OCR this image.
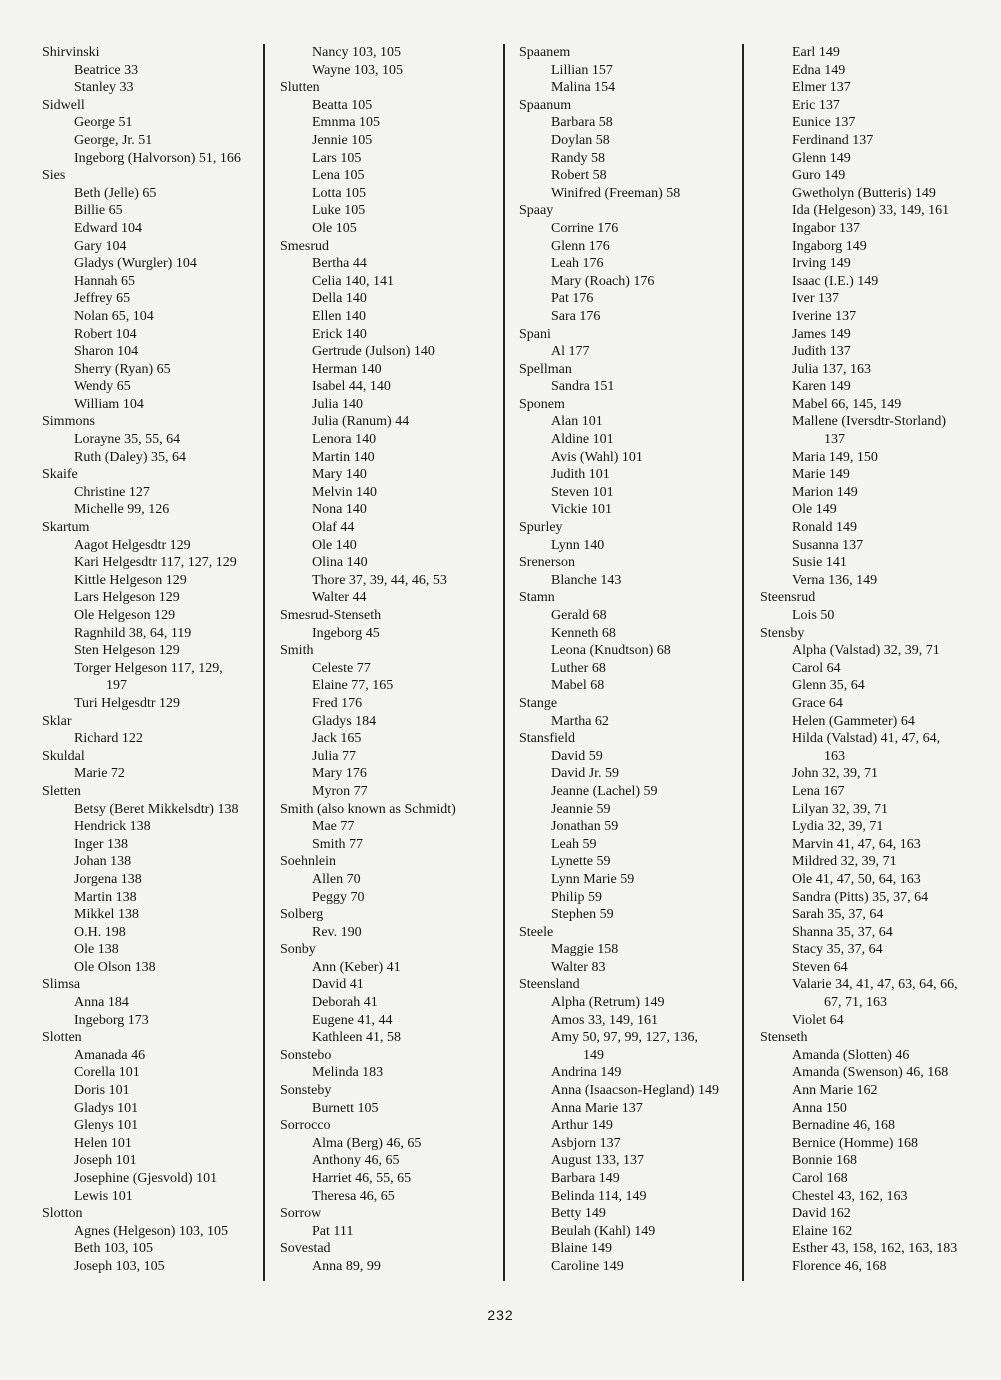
Shirvinski
Beatrice 33
Stanley 33
Sidwell
George 51
George, Jr. 51
Ingeborg (Halvorson) 51, 166
Sies
Beth (Jelle) 65
Billie 65
Edward 104
Gary 104
Gladys (Wurgler) 104
Hannah 65
Jeffrey 65
Nolan 65, 104
Robert 104
Sharon 104
Sherry (Ryan) 65
Wendy 65
William 104
Simmons
Lorayne 35, 55, 64
Ruth (Daley) 35, 64
Skaife
Christine 127
Michelle 99, 126
Skartum
Aagot Helgesdtr 129
Kari Helgesdtr 117, 127, 129
Kittle Helgeson 129
Lars Helgeson 129
Ole Helgeson 129
Ragnhild 38, 64, 119
Sten Helgeson 129
Torger Helgeson 117, 129,
197
Turi Helgesdtr 129
Sklar
Richard 122
Skuldal
Marie 72
Sletten
Betsy (Beret Mikkelsdtr) 138
Hendrick 138
Inger 138
Johan 138
Jorgena 138
Martin 138
Mikkel 138
O.H. 198
Ole 138
Ole Olson 138
Slimsa
Anna 184
Ingeborg 173
Slotten
Amanada 46
Corella 101
Doris 101
Gladys 101
Glenys 101
Helen 101
Joseph 101
Josephine (Gjesvold) 101
Lewis 101
Slotton
Agnes (Helgeson) 103, 105
Beth 103, 105
Joseph 103, 105
Nancy 103, 105
Wayne 103, 105
Slutten
Beatta 105
Emnma 105
Jennie 105
Lars 105
Lena 105
Lotta 105
Luke 105
Ole 105
Smesrud
Bertha 44
Celia 140, 141
Della 140
Ellen 140
Erick 140
Gertrude (Julson) 140
Herman 140
Isabel 44, 140
Julia 140
Julia (Ranum) 44
Lenora 140
Martin 140
Mary 140
Melvin 140
Nona 140
Olaf 44
Ole 140
Olina 140
Thore 37, 39, 44, 46, 53
Walter 44
Smesrud-Stenseth
Ingeborg 45
Smith
Celeste 77
Elaine 77, 165
Fred 176
Gladys 184
Jack 165
Julia 77
Mary 176
Myron 77
Smith (also known as Schmidt)
Mae 77
Smith 77
Soehnlein
Allen 70
Peggy 70
Solberg
Rev. 190
Sonby
Ann (Keber) 41
David 41
Deborah 41
Eugene 41, 44
Kathleen 41, 58
Sonstebo
Melinda 183
Sonsteby
Burnett 105
Sorrocco
Alma (Berg) 46, 65
Anthony 46, 65
Harriet 46, 55, 65
Theresa 46, 65
Sorrow
Pat 111
Sovestad
Anna 89, 99
Spaanem
Lillian 157
Malina 154
Spaanum
Barbara 58
Doylan 58
Randy 58
Robert 58
Winifred (Freeman) 58
Spaay
Corrine 176
Glenn 176
Leah 176
Mary (Roach) 176
Pat 176
Sara 176
Spani
Al 177
Spellman
Sandra 151
Sponem
Alan 101
Aldine 101
Avis (Wahl) 101
Judith 101
Steven 101
Vickie 101
Spurley
Lynn 140
Srenerson
Blanche 143
Stamn
Gerald 68
Kenneth 68
Leona (Knudtson) 68
Luther 68
Mabel 68
Stange
Martha 62
Stansfield
David 59
David Jr. 59
Jeanne (Lachel) 59
Jeannie 59
Jonathan 59
Leah 59
Lynette 59
Lynn Marie 59
Philip 59
Stephen 59
Steele
Maggie 158
Walter 83
Steensland
Alpha (Retrum) 149
Amos 33, 149, 161
Amy 50, 97, 99, 127, 136,
149
Andrina 149
Anna (Isaacson-Hegland) 149
Anna Marie 137
Arthur 149
Asbjorn 137
August 133, 137
Barbara 149
Belinda 114, 149
Betty 149
Beulah (Kahl) 149
Blaine 149
Caroline 149
Earl 149
Edna 149
Elmer 137
Eric 137
Eunice 137
Ferdinand 137
Glenn 149
Guro 149
Gwetholyn (Butteris) 149
Ida (Helgeson) 33, 149, 161
Ingabor 137
Ingaborg 149
Irving 149
Isaac (I.E.) 149
Iver 137
Iverine 137
James 149
Judith 137
Julia 137, 163
Karen 149
Mabel 66, 145, 149
Mallene (Iversdtr-Storland)
137
Maria 149, 150
Marie 149
Marion 149
Ole 149
Ronald 149
Susanna 137
Susie 141
Verna 136, 149
Steensrud
Lois 50
Stensby
Alpha (Valstad) 32, 39, 71
Carol 64
Glenn 35, 64
Grace 64
Helen (Gammeter) 64
Hilda (Valstad) 41, 47, 64,
163
John 32, 39, 71
Lena 167
Lilyan 32, 39, 71
Lydia 32, 39, 71
Marvin 41, 47, 64, 163
Mildred 32, 39, 71
Ole 41, 47, 50, 64, 163
Sandra (Pitts) 35, 37, 64
Sarah 35, 37, 64
Shanna 35, 37, 64
Stacy 35, 37, 64
Steven 64
Valarie 34, 41, 47, 63, 64, 66,
67, 71, 163
Violet 64
Stenseth
Amanda (Slotten) 46
Amanda (Swenson) 46, 168
Ann Marie 162
Anna 150
Bernadine 46, 168
Bernice (Homme) 168
Bonnie 168
Carol 168
Chestel 43, 162, 163
David 162
Elaine 162
Esther 43, 158, 162, 163, 183
Florence 46, 168
232
